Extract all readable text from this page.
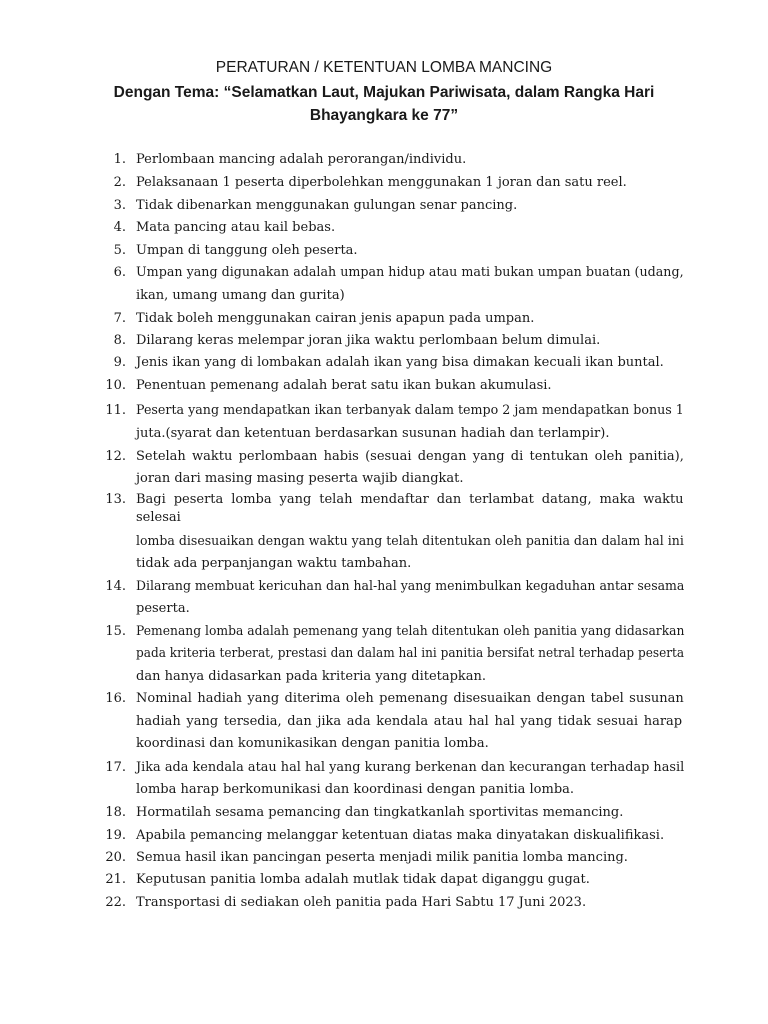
PERATURAN / KETENTUAN LOMBA MANCING
Dengan Tema: “Selamatkan Laut, Majukan Pariwisata, dalam Rangka Hari
Bhayangkara ke 77”
1. Perlombaan mancing adalah perorangan/individu.
2. Pelaksanaan 1 peserta diperbolehkan menggunakan 1 joran dan satu reel.
3. Tidak dibenarkan menggunakan gulungan senar pancing.
4. Mata pancing atau kail bebas.
5. Umpan di tanggung oleh peserta.
6. Umpan yang digunakan adalah umpan hidup atau mati bukan umpan buatan (udang,
ikan, umang umang dan gurita)
7. Tidak boleh menggunakan cairan jenis apapun pada umpan.
8. Dilarang keras melempar joran jika waktu perlombaan belum dimulai.
9. Jenis ikan yang di lombakan adalah ikan yang bisa dimakan kecuali ikan buntal.
10. Penentuan pemenang adalah berat satu ikan bukan akumulasi.
11. Peserta yang mendapatkan ikan terbanyak dalam tempo 2 jam mendapatkan bonus 1
juta.(syarat dan ketentuan berdasarkan susunan hadiah dan terlampir).
12. Setelah waktu perlombaan habis (sesuai dengan yang di tentukan oleh panitia),
joran dari masing masing peserta wajib diangkat.
13. Bagi peserta lomba yang telah mendaftar dan terlambat datang, maka waktu
selesai
lomba disesuaikan dengan waktu yang telah ditentukan oleh panitia dan dalam hal ini
tidak ada perpanjangan waktu tambahan.
14. Dilarang membuat kericuhan dan hal-hal yang menimbulkan kegaduhan antar sesama
peserta.
15. Pemenang lomba adalah pemenang yang telah ditentukan oleh panitia yang didasarkan
pada kriteria terberat, prestasi dan dalam hal ini panitia bersifat netral terhadap peserta
dan hanya didasarkan pada kriteria yang ditetapkan.
16. Nominal hadiah yang diterima oleh pemenang disesuaikan dengan tabel susunan
hadiah yang tersedia, dan jika ada kendala atau hal hal yang tidak sesuai harap
koordinasi dan komunikasikan dengan panitia lomba.
17. Jika ada kendala atau hal hal yang kurang berkenan dan kecurangan terhadap hasil
lomba harap berkomunikasi dan koordinasi dengan panitia lomba.
18. Hormatilah sesama pemancing dan tingkatkanlah sportivitas memancing.
19. Apabila pemancing melanggar ketentuan diatas maka dinyatakan diskualifikasi.
20. Semua hasil ikan pancingan peserta menjadi milik panitia lomba mancing.
21. Keputusan panitia lomba adalah mutlak tidak dapat diganggu gugat.
22. Transportasi di sediakan oleh panitia pada Hari Sabtu 17 Juni 2023.
